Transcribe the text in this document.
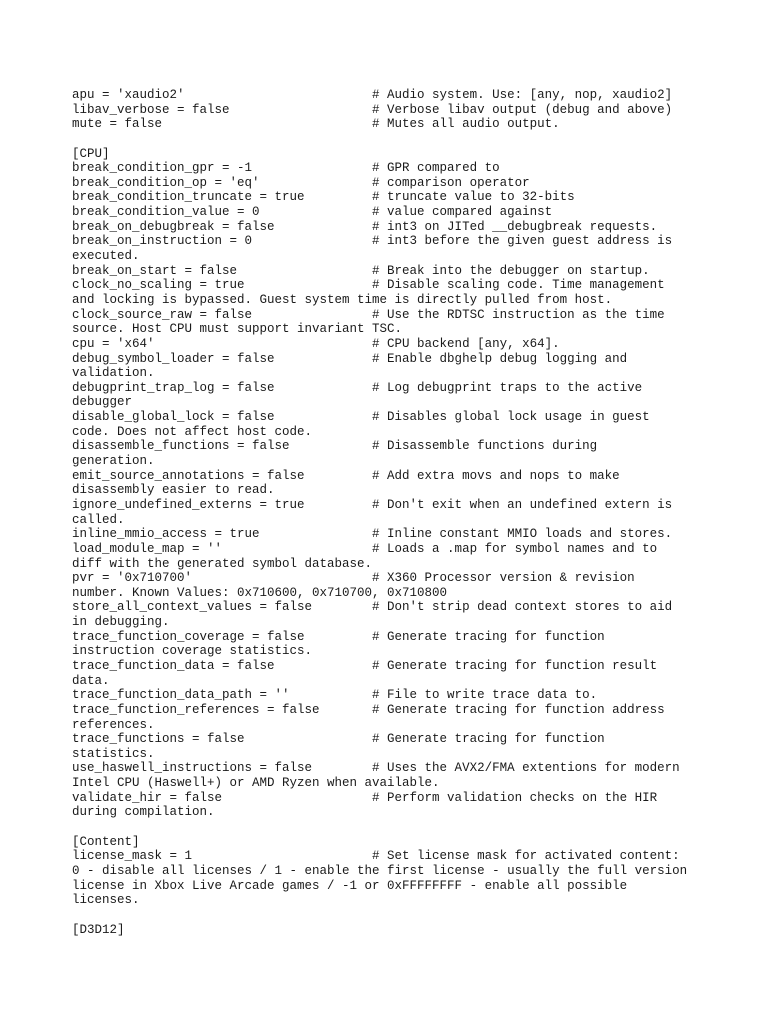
apu = 'xaudio2'                         # Audio system. Use: [any, nop, xaudio2]
libav_verbose = false                   # Verbose libav output (debug and above)
mute = false                            # Mutes all audio output.
[CPU]
break_condition_gpr = -1                # GPR compared to
break_condition_op = 'eq'               # comparison operator
break_condition_truncate = true         # truncate value to 32-bits
break_condition_value = 0               # value compared against
break_on_debugbreak = false             # int3 on JITed __debugbreak requests.
break_on_instruction = 0                # int3 before the given guest address is
executed.
break_on_start = false                  # Break into the debugger on startup.
clock_no_scaling = true                 # Disable scaling code. Time management
and locking is bypassed. Guest system time is directly pulled from host.
clock_source_raw = false                # Use the RDTSC instruction as the time
source. Host CPU must support invariant TSC.
cpu = 'x64'                             # CPU backend [any, x64].
debug_symbol_loader = false             # Enable dbghelp debug logging and
validation.
debugprint_trap_log = false             # Log debugprint traps to the active
debugger
disable_global_lock = false             # Disables global lock usage in guest
code. Does not affect host code.
disassemble_functions = false           # Disassemble functions during
generation.
emit_source_annotations = false         # Add extra movs and nops to make
disassembly easier to read.
ignore_undefined_externs = true         # Don't exit when an undefined extern is
called.
inline_mmio_access = true               # Inline constant MMIO loads and stores.
load_module_map = ''                    # Loads a .map for symbol names and to
diff with the generated symbol database.
pvr = '0x710700'                        # X360 Processor version & revision
number. Known Values: 0x710600, 0x710700, 0x710800
store_all_context_values = false        # Don't strip dead context stores to aid
in debugging.
trace_function_coverage = false         # Generate tracing for function
instruction coverage statistics.
trace_function_data = false             # Generate tracing for function result
data.
trace_function_data_path = ''           # File to write trace data to.
trace_function_references = false       # Generate tracing for function address
references.
trace_functions = false                 # Generate tracing for function
statistics.
use_haswell_instructions = false        # Uses the AVX2/FMA extentions for modern
Intel CPU (Haswell+) or AMD Ryzen when available.
validate_hir = false                    # Perform validation checks on the HIR
during compilation.
[Content]
license_mask = 1                        # Set license mask for activated content:
0 - disable all licenses / 1 - enable the first license - usually the full version
license in Xbox Live Arcade games / -1 or 0xFFFFFFFF - enable all possible
licenses.
[D3D12]
